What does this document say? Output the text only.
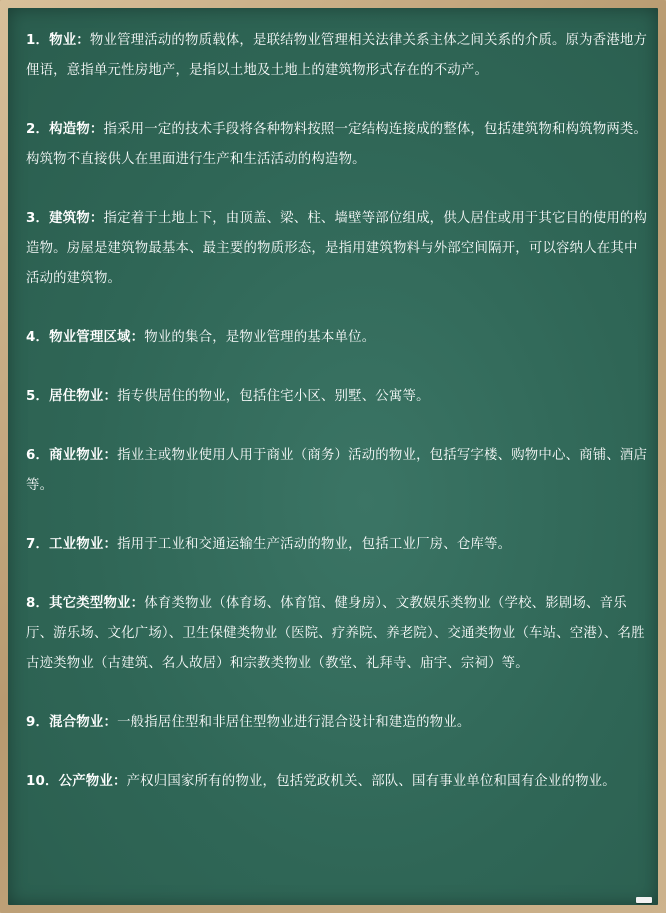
1．物业：物业管理活动的物质载体，是联结物业管理相关法律关系主体之间关系的介质。原为香港地方俚语，意指单元性房地产，是指以土地及土地上的建筑物形式存在的不动产。

2．构造物：指采用一定的技术手段将各种物料按照一定结构连接成的整体，包括建筑物和构筑物两类。构筑物不直接供人在里面进行生产和生活活动的构造物。

3．建筑物：指定着于土地上下，由顶盖、梁、柱、墙壁等部位组成，供人居住或用于其它目的使用的构造物。房屋是建筑物最基本、最主要的物质形态，是指用建筑物料与外部空间隔开，可以容纳人在其中活动的建筑物。

4．物业管理区域：物业的集合，是物业管理的基本单位。

5．居住物业：指专供居住的物业，包括住宅小区、别墅、公寓等。

6．商业物业：指业主或物业使用人用于商业（商务）活动的物业，包括写字楼、购物中心、商铺、酒店等。

7．工业物业：指用于工业和交通运输生产活动的物业，包括工业厂房、仓库等。

8．其它类型物业：体育类物业（体育场、体育馆、健身房）、文教娱乐类物业（学校、影剧场、音乐厅、游乐场、文化广场）、卫生保健类物业（医院、疗养院、养老院）、交通类物业（车站、空港）、名胜古迹类物业（古建筑、名人故居）和宗教类物业（教堂、礼拜寺、庙宇、宗祠）等。

9．混合物业：一般指居住型和非居住型物业进行混合设计和建造的物业。

10．公产物业：产权归国家所有的物业，包括党政机关、部队、国有事业单位和国有企业的物业。
